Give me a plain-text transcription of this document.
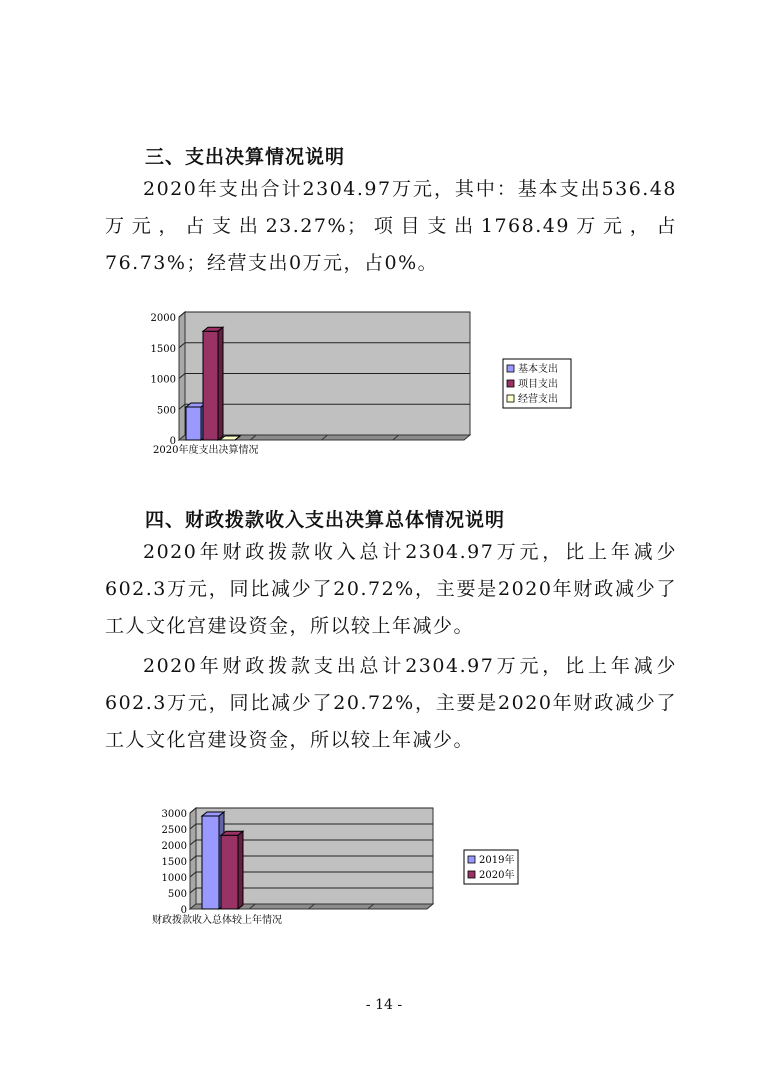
三、支出决算情况说明

2020年支出合计2304.97万元，其中：基本支出536.48万元，占支出23.27%；项目支出1768.49万元，占76.73%；经营支出0万元，占0%。

0
500
1000
1500
2000
2020年度支出决算情况
基本支出
项目支出
经营支出
四、财政拨款收入支出决算总体情况说明

2020年财政拨款收入总计2304.97万元，比上年减少602.3万元，同比减少了20.72%，主要是2020年财政减少了工人文化宫建设资金，所以较上年减少。

2020年财政拨款支出总计2304.97万元，比上年减少602.3万元，同比减少了20.72%，主要是2020年财政减少了工人文化宫建设资金，所以较上年减少。

0
500
1000
1500
2000
2500
3000
财政拨款收入总体较上年情况
2019年
2020年
- 14 -
